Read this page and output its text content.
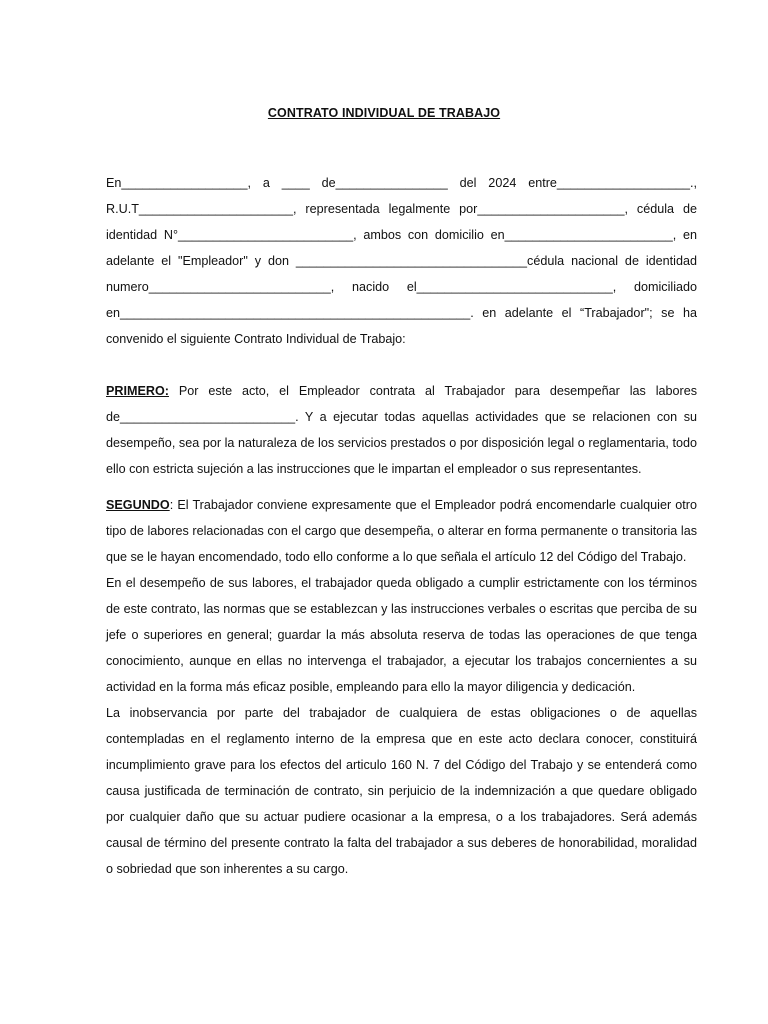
CONTRATO INDIVIDUAL DE TRABAJO

En__________________, a ____ de________________ del 2024 entre___________________., R.U.T______________________, representada legalmente por_____________________, cédula de identidad N°_________________________, ambos con domicilio en________________________, en adelante el "Empleador" y don _________________________________cédula nacional de identidad numero__________________________, nacido el____________________________, domiciliado en__________________________________________________. en adelante el “Trabajador"; se ha convenido el siguiente Contrato Individual de Trabajo:

PRIMERO: Por este acto, el Empleador contrata al Trabajador para desempeñar las labores de_________________________. Y a ejecutar todas aquellas actividades que se relacionen con su desempeño, sea por la naturaleza de los servicios prestados o por disposición legal o reglamentaria, todo ello con estricta sujeción a las instrucciones que le impartan el empleador o sus representantes.

SEGUNDO: El Trabajador conviene expresamente que el Empleador podrá encomendarle cualquier otro tipo de labores relacionadas con el cargo que desempeña, o alterar en forma permanente o transitoria las que se le hayan encomendado, todo ello conforme a lo que señala el artículo 12 del Código del Trabajo.

En el desempeño de sus labores, el trabajador queda obligado a cumplir estrictamente con los términos de este contrato, las normas que se establezcan y las instrucciones verbales o escritas que perciba de su jefe o superiores en general; guardar la más absoluta reserva de todas las operaciones de que tenga conocimiento, aunque en ellas no intervenga el trabajador, a ejecutar los trabajos concernientes a su actividad en la forma más eficaz posible, empleando para ello la mayor diligencia y dedicación.

La inobservancia por parte del trabajador de cualquiera de estas obligaciones o de aquellas contempladas en el reglamento interno de la empresa que en este acto declara conocer, constituirá incumplimiento grave para los efectos del articulo 160 N. 7 del Código del Trabajo y se entenderá como causa justificada de terminación de contrato, sin perjuicio de la indemnización a que quedare obligado por cualquier daño que su actuar pudiere ocasionar a la empresa, o a los trabajadores. Será además causal de término del presente contrato la falta del trabajador a sus deberes de honorabilidad, moralidad o sobriedad que son inherentes a su cargo.
